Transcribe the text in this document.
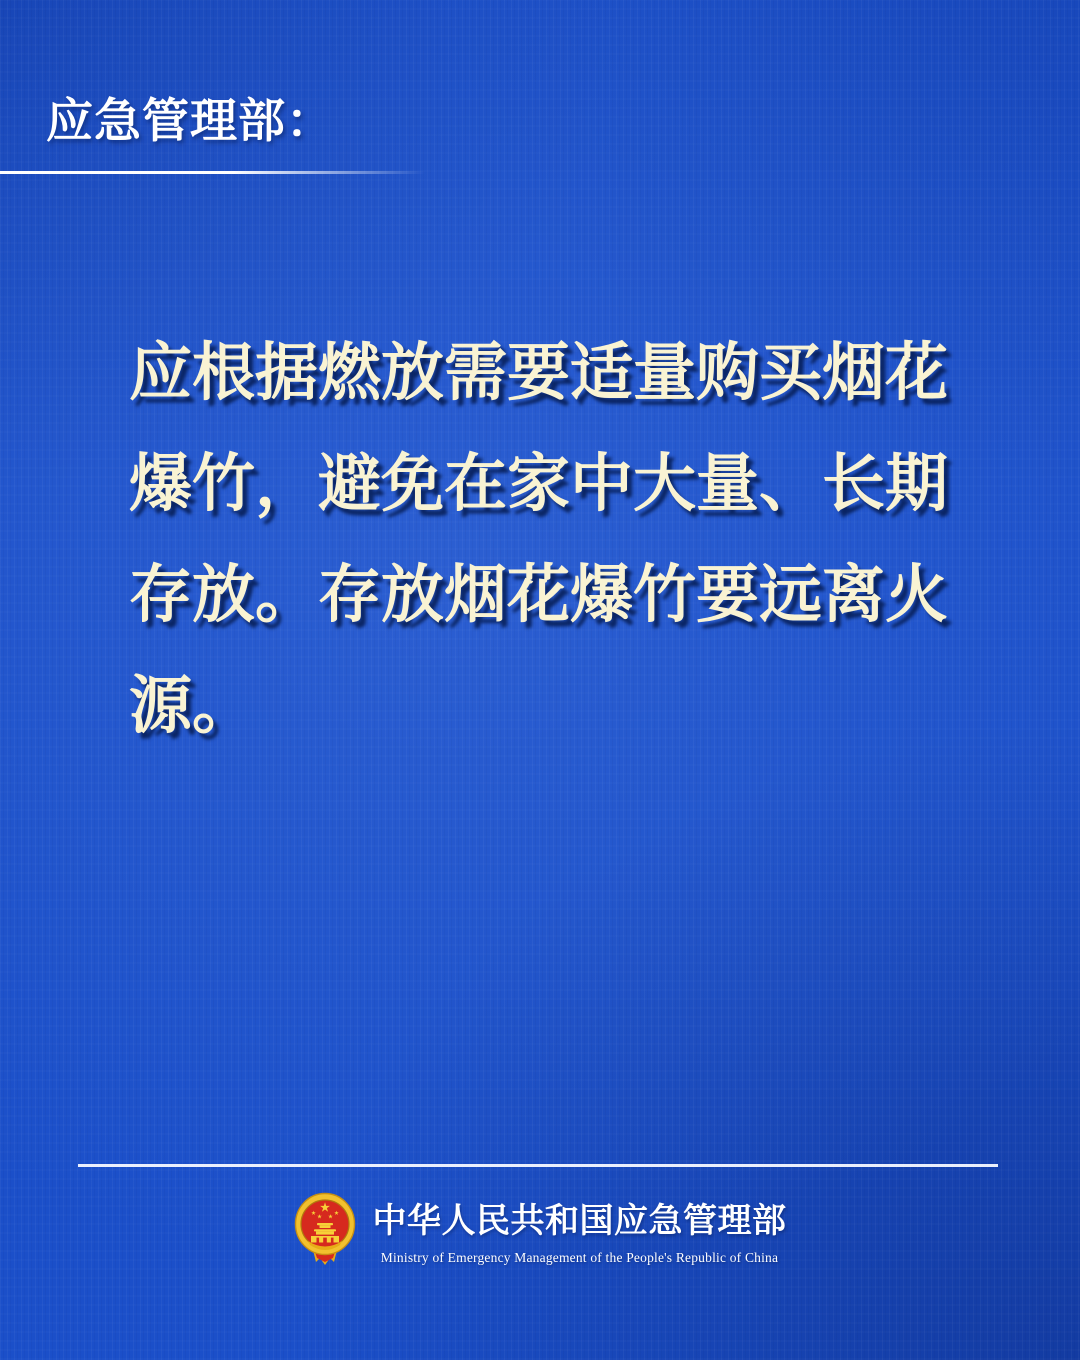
应急管理部：
应根据燃放需要适量购买烟花
爆竹，避免在家中大量、长期
存放。存放烟花爆竹要远离火
源。
中华人民共和国应急管理部
Ministry of Emergency Management of the People's Republic of China
